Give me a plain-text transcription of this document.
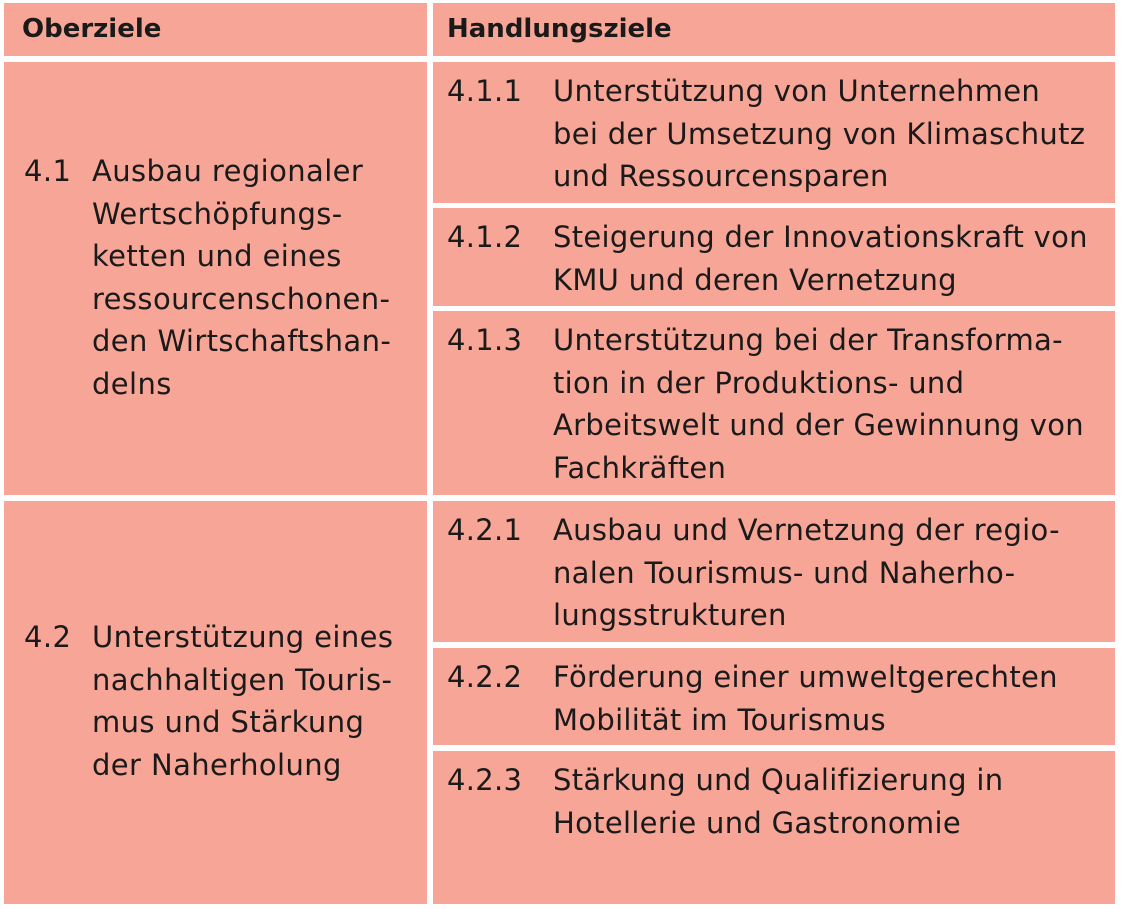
Oberziele	Handlungsziele
4.1 Ausbau regionaler
Wertschöpfungs-
ketten und eines
ressourcenschonen-
den Wirtschaftshan-
delns
4.1.1 Unterstützung von Unternehmen
bei der Umsetzung von Klimaschutz
und Ressourcensparen
4.1.2 Steigerung der Innovationskraft von
KMU und deren Vernetzung
4.1.3 Unterstützung bei der Transforma-
tion in der Produktions- und
Arbeitswelt und der Gewinnung von
Fachkräften
4.2 Unterstützung eines
nachhaltigen Touris-
mus und Stärkung
der Naherholung
4.2.1 Ausbau und Vernetzung der regio-
nalen Tourismus- und Naherho-
lungsstrukturen
4.2.2 Förderung einer umweltgerechten
Mobilität im Tourismus
4.2.3 Stärkung und Qualifizierung in
Hotellerie und Gastronomie
